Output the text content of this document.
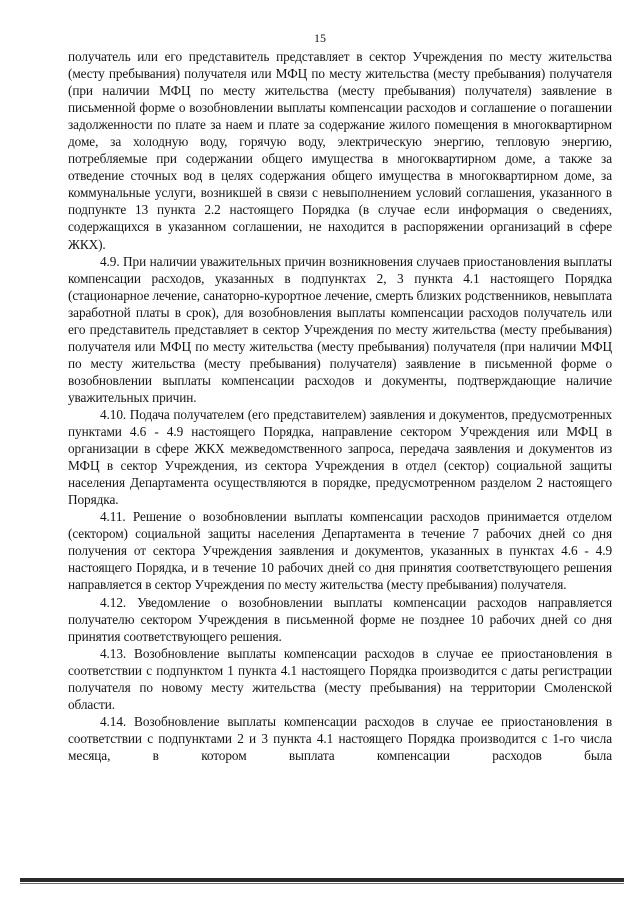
15

получатель или его представитель представляет в сектор Учреждения по месту жительства (месту пребывания) получателя или МФЦ по месту жительства (месту пребывания) получателя (при наличии МФЦ по месту жительства (месту пребывания) получателя) заявление в письменной форме о возобновлении выплаты компенсации расходов и соглашение о погашении задолженности по плате за наем и плате за содержание жилого помещения в многоквартирном доме, за холодную воду, горячую воду, электрическую энергию, тепловую энергию, потребляемые при содержании общего имущества в многоквартирном доме, а также за отведение сточных вод в целях содержания общего имущества в многоквартирном доме, за коммунальные услуги, возникшей в связи с невыполнением условий соглашения, указанного в подпункте 13 пункта 2.2 настоящего Порядка (в случае если информация о сведениях, содержащихся в указанном соглашении, не находится в распоряжении организаций в сфере ЖКХ).

4.9. При наличии уважительных причин возникновения случаев приостановления выплаты компенсации расходов, указанных в подпунктах 2, 3 пункта 4.1 настоящего Порядка (стационарное лечение, санаторно-курортное лечение, смерть близких родственников, невыплата заработной платы в срок), для возобновления выплаты компенсации расходов получатель или его представитель представляет в сектор Учреждения по месту жительства (месту пребывания) получателя или МФЦ по месту жительства (месту пребывания) получателя (при наличии МФЦ по месту жительства (месту пребывания) получателя) заявление в письменной форме о возобновлении выплаты компенсации расходов и документы, подтверждающие наличие уважительных причин.

4.10. Подача получателем (его представителем) заявления и документов, предусмотренных пунктами 4.6 - 4.9 настоящего Порядка, направление сектором Учреждения или МФЦ в организации в сфере ЖКХ межведомственного запроса, передача заявления и документов из МФЦ в сектор Учреждения, из сектора Учреждения в отдел (сектор) социальной защиты населения Департамента осуществляются в порядке, предусмотренном разделом 2 настоящего Порядка.

4.11. Решение о возобновлении выплаты компенсации расходов принимается отделом (сектором) социальной защиты населения Департамента в течение 7 рабочих дней со дня получения от сектора Учреждения заявления и документов, указанных в пунктах 4.6 - 4.9 настоящего Порядка, и в течение 10 рабочих дней со дня принятия соответствующего решения направляется в сектор Учреждения по месту жительства (месту пребывания) получателя.

4.12. Уведомление о возобновлении выплаты компенсации расходов направляется получателю сектором Учреждения в письменной форме не позднее 10 рабочих дней со дня принятия соответствующего решения.

4.13. Возобновление выплаты компенсации расходов в случае ее приостановления в соответствии с подпунктом 1 пункта 4.1 настоящего Порядка производится с даты регистрации получателя по новому месту жительства (месту пребывания) на территории Смоленской области.

4.14. Возобновление выплаты компенсации расходов в случае ее приостановления в соответствии с подпунктами 2 и 3 пункта 4.1 настоящего Порядка производится с 1-го числа месяца, в котором выплата компенсации расходов была
